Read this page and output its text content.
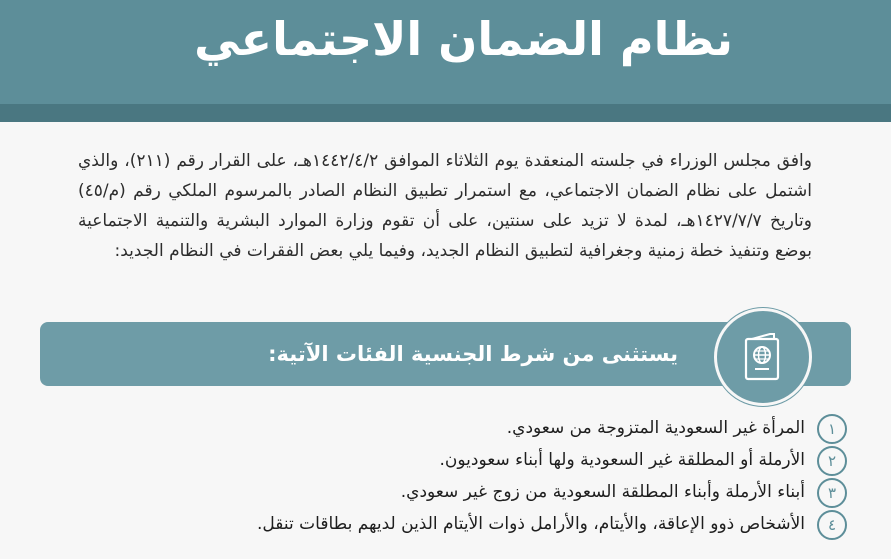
نظام الضمان الاجتماعي
وافق مجلس الوزراء في جلسته المنعقدة يوم الثلاثاء الموافق ١٤٤٢/٤/٢هـ، على القرار رقم (٢١١)، والذي اشتمل على نظام الضمان الاجتماعي، مع استمرار تطبيق النظام الصادر بالمرسوم الملكي رقم (م/٤٥) وتاريخ ١٤٢٧/٧/٧هـ، لمدة لا تزيد على سنتين، على أن تقوم وزارة الموارد البشرية والتنمية الاجتماعية بوضع وتنفيذ خطة زمنية وجغرافية لتطبيق النظام الجديد، وفيما يلي بعض الفقرات في النظام الجديد:
يستثنى من شرط الجنسية الفئات الآتية:
١
المرأة غير السعودية المتزوجة من سعودي.
٢
الأرملة أو المطلقة غير السعودية ولها أبناء سعوديون.
٣
أبناء الأرملة وأبناء المطلقة السعودية من زوج غير سعودي.
٤
الأشخاص ذوو الإعاقة، والأيتام، والأرامل ذوات الأيتام الذين لديهم بطاقات تنقل.
